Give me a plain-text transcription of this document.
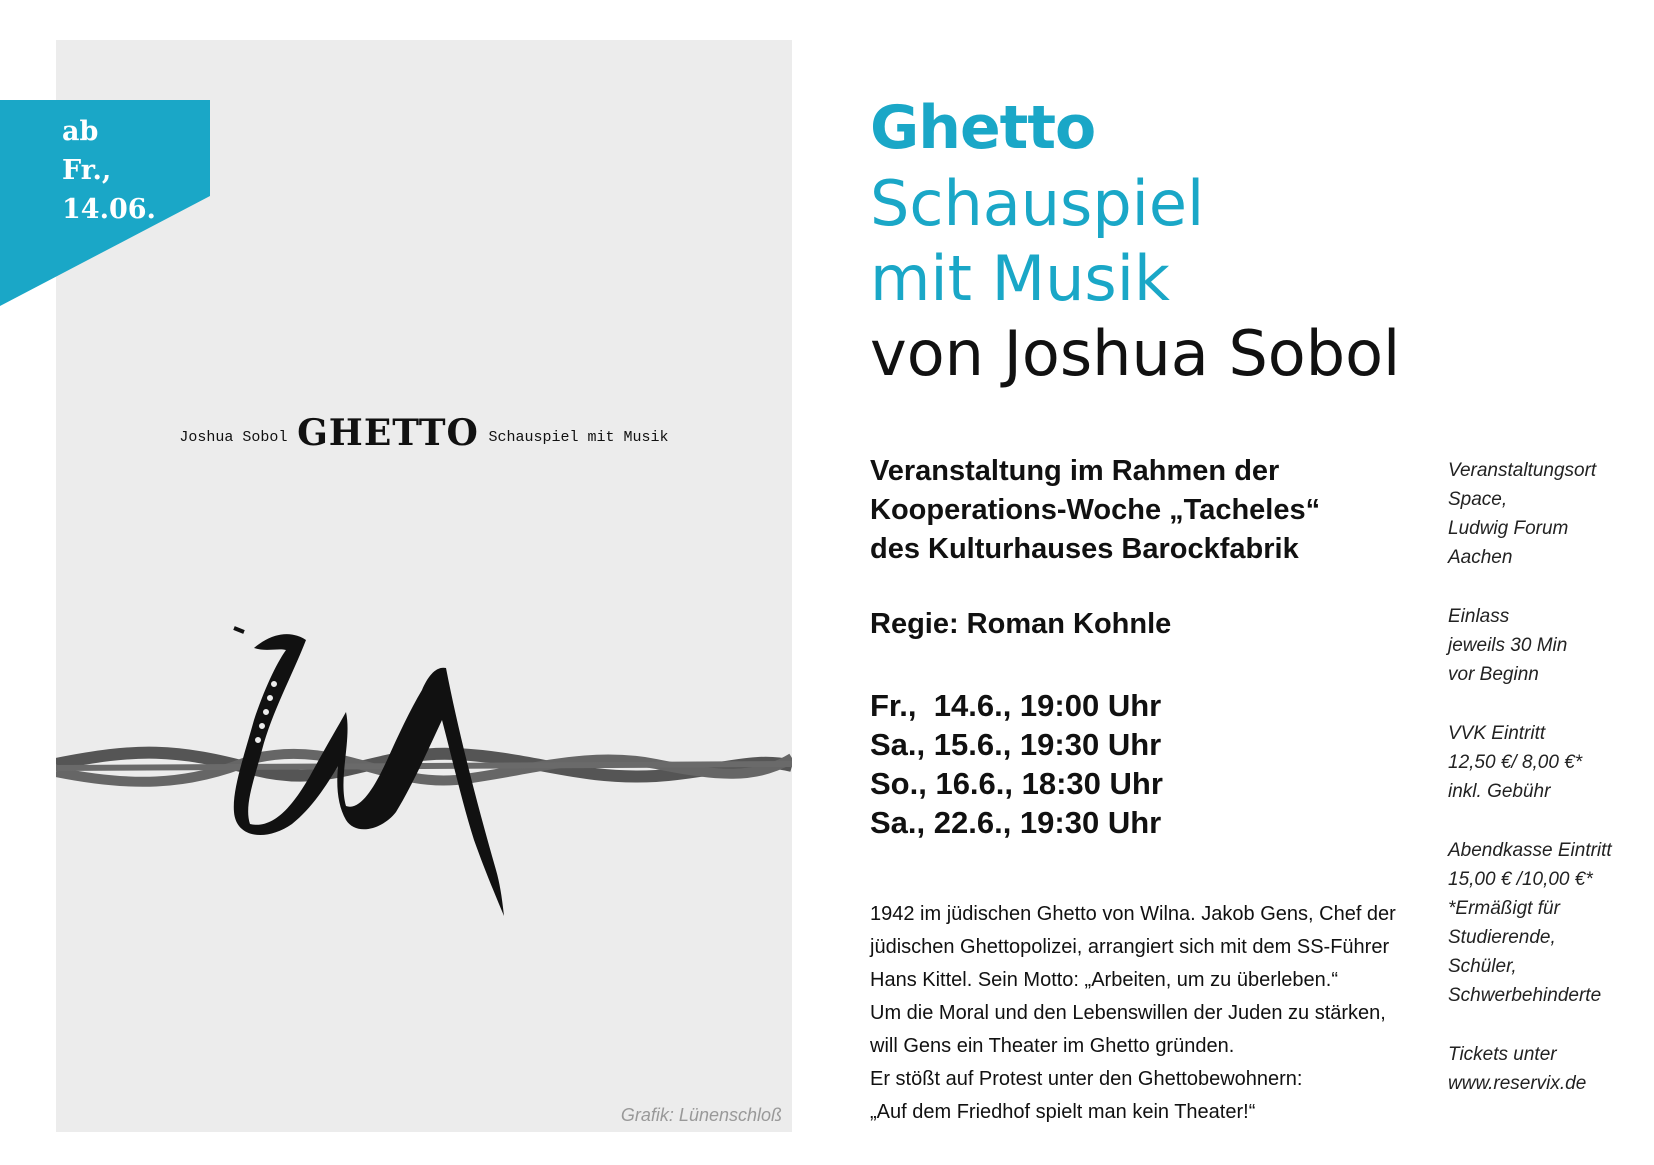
Joshua Sobol GHETTO Schauspiel mit Musik
Grafik: Lünenschloß
ab
Fr., 14.06.
Ghetto
Schauspiel
mit Musik
von Joshua Sobol
Veranstaltung im Rahmen der
Kooperations-Woche „Tacheles“
des Kulturhauses Barockfabrik
Regie: Roman Kohnle
Fr.,  14.6., 19:00 Uhr
Sa., 15.6., 19:30 Uhr
So., 16.6., 18:30 Uhr
Sa., 22.6., 19:30 Uhr
1942 im jüdischen Ghetto von Wilna. Jakob Gens, Chef der
jüdischen Ghettopolizei, arrangiert sich mit dem SS-Führer
Hans Kittel. Sein Motto: „Arbeiten, um zu überleben.“
Um die Moral und den Lebenswillen der Juden zu stärken,
will Gens ein Theater im Ghetto gründen.
Er stößt auf Protest unter den Ghettobewohnern:
„Auf dem Friedhof spielt man kein Theater!“
Veranstaltungsort
Space,
Ludwig Forum
Aachen
Einlass
jeweils 30 Min
vor Beginn
VVK Eintritt
12,50 €/ 8,00 €*
inkl. Gebühr
Abendkasse Eintritt
15,00 € /10,00 €*
*Ermäßigt für
Studierende,
Schüler,
Schwerbehinderte
Tickets unter
www.reservix.de
